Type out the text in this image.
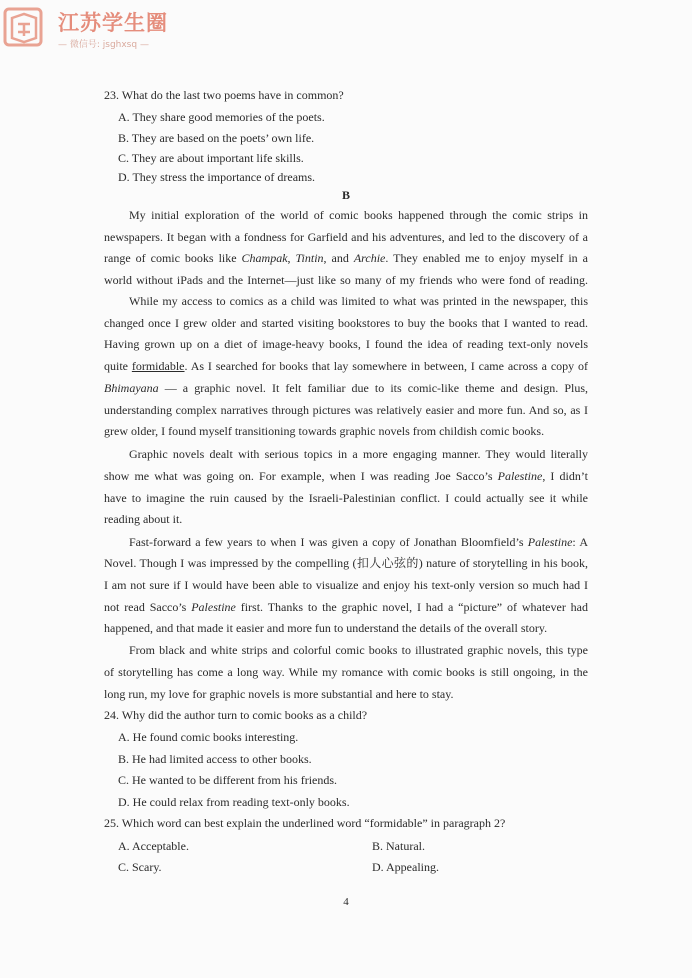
江苏学生圈
— 微信号: jsghxsq —
23. What do the last two poems have in common?
A. They share good memories of the poets.
B. They are based on the poets’ own life.
C. They are about important life skills.
D. They stress the importance of dreams.
B
My initial exploration of the world of comic books happened through the comic strips in
newspapers. It began with a fondness for Garfield and his adventures, and led to the discovery of a
range of comic books like Champak, Tintin, and Archie. They enabled me to enjoy myself in a
world without iPads and the Internet—just like so many of my friends who were fond of reading.
While my access to comics as a child was limited to what was printed in the newspaper, this
changed once I grew older and started visiting bookstores to buy the books that I wanted to read.
Having grown up on a diet of image-heavy books, I found the idea of reading text-only novels
quite formidable. As I searched for books that lay somewhere in between, I came across a copy of
Bhimayana — a graphic novel. It felt familiar due to its comic-like theme and design. Plus,
understanding complex narratives through pictures was relatively easier and more fun. And so, as I
grew older, I found myself transitioning towards graphic novels from childish comic books.
Graphic novels dealt with serious topics in a more engaging manner. They would literally
show me what was going on. For example, when I was reading Joe Sacco’s Palestine, I didn’t
have to imagine the ruin caused by the Israeli-Palestinian conflict. I could actually see it while
reading about it.
Fast-forward a few years to when I was given a copy of Jonathan Bloomfield’s Palestine: A
Novel. Though I was impressed by the compelling (扣人心弦的) nature of storytelling in his book,
I am not sure if I would have been able to visualize and enjoy his text-only version so much had I
not read Sacco’s Palestine first. Thanks to the graphic novel, I had a “picture” of whatever had
happened, and that made it easier and more fun to understand the details of the overall story.
From black and white strips and colorful comic books to illustrated graphic novels, this type
of storytelling has come a long way. While my romance with comic books is still ongoing, in the
long run, my love for graphic novels is more substantial and here to stay.
24. Why did the author turn to comic books as a child?
A. He found comic books interesting.
B. He had limited access to other books.
C. He wanted to be different from his friends.
D. He could relax from reading text-only books.
25. Which word can best explain the underlined word “formidable” in paragraph 2?
A. Acceptable.	B. Natural.
C. Scary.	D. Appealing.
4
